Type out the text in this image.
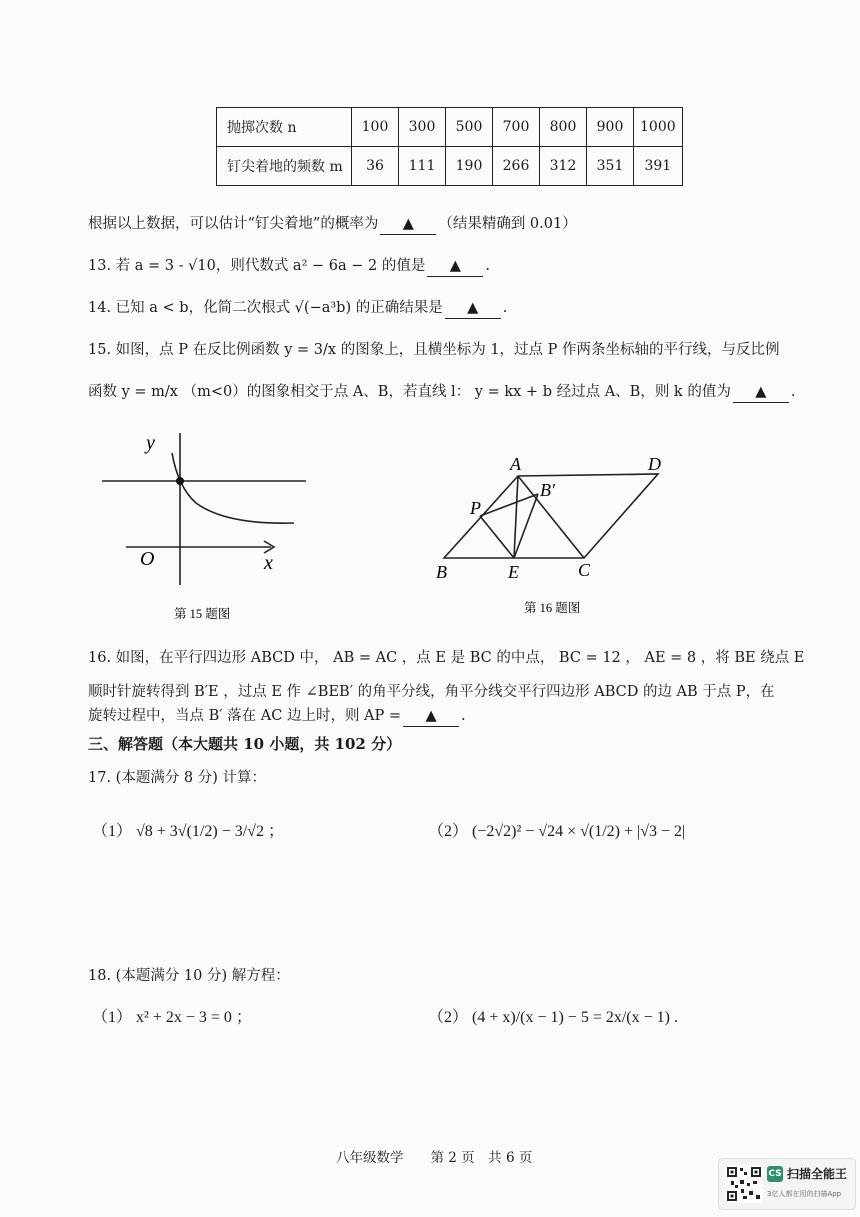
抛掷次数 n	100	300	500	700	800	900	1000
钉尖着地的频数 m	36	111	190	266	312	351	391
根据以上数据，可以估计“钉尖着地”的概率为 ▲ （结果精确到 0.01）
13. 若 a = 3 - √10，则代数式 a² − 6a − 2 的值是 ▲ .
14. 已知 a < b，化简二次根式 √(−a³b) 的正确结果是 ▲ .
15. 如图，点 P 在反比例函数 y = 3/x 的图象上，且横坐标为 1，过点 P 作两条坐标轴的平行线，与反比例
函数 y = m/x （m<0）的图象相交于点 A、B，若直线 l： y = kx + b 经过点 A、B，则 k 的值为 ▲ .
y
x
O
第 15 题图
A	D
B′
P
B	E	C
第 16 题图
16. 如图，在平行四边形 ABCD 中， AB = AC ，点 E 是 BC 的中点， BC = 12 ， AE = 8 ，将 BE 绕点 E
顺时针旋转得到 B′E ，过点 E 作 ∠BEB′ 的角平分线，角平分线交平行四边形 ABCD 的边 AB 于点 P，在
旋转过程中，当点 B′ 落在 AC 边上时，则 AP = ▲ .
三、解答题（本大题共 10 小题，共 102 分）
17. (本题满分 8 分) 计算：
（1） √8 + 3√(1/2) − 3/√2 ；	（2） (−2√2)² − √24 × √(1/2) + |√3 − 2|
18. (本题满分 10 分) 解方程：
（1） x² + 2x − 3 = 0 ；	（2） (4 + x)/(x − 1) − 5 = 2x/(x − 1) .
八年级数学　　第 2 页　共 6 页
CS 扫描全能王
3亿人都在用的扫描App
